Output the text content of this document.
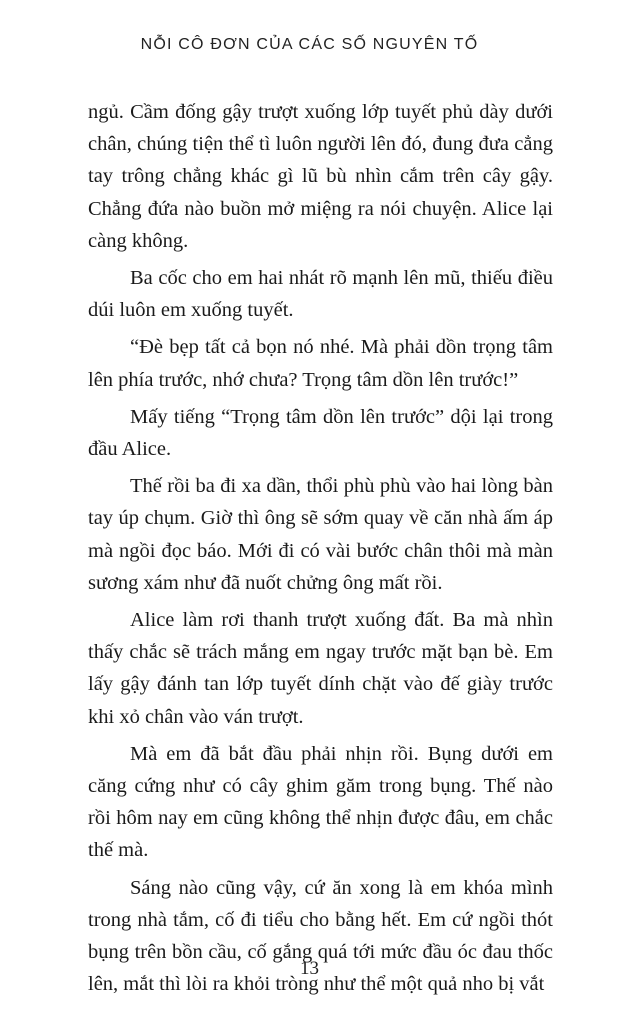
NỖI CÔ ĐƠN CỦA CÁC SỐ NGUYÊN TỐ

ngủ. Cầm đống gậy trượt xuống lớp tuyết phủ dày dưới chân, chúng tiện thể tì luôn người lên đó, đung đưa cẳng tay trông chẳng khác gì lũ bù nhìn cắm trên cây gậy. Chẳng đứa nào buồn mở miệng ra nói chuyện. Alice lại càng không.

Ba cốc cho em hai nhát rõ mạnh lên mũ, thiếu điều dúi luôn em xuống tuyết.

“Đè bẹp tất cả bọn nó nhé. Mà phải dồn trọng tâm lên phía trước, nhớ chưa? Trọng tâm dồn lên trước!”

Mấy tiếng “Trọng tâm dồn lên trước” dội lại trong đầu Alice.

Thế rồi ba đi xa dần, thổi phù phù vào hai lòng bàn tay úp chụm. Giờ thì ông sẽ sớm quay về căn nhà ấm áp mà ngồi đọc báo. Mới đi có vài bước chân thôi mà màn sương xám như đã nuốt chửng ông mất rồi.

Alice làm rơi thanh trượt xuống đất. Ba mà nhìn thấy chắc sẽ trách mắng em ngay trước mặt bạn bè. Em lấy gậy đánh tan lớp tuyết dính chặt vào đế giày trước khi xỏ chân vào ván trượt.

Mà em đã bắt đầu phải nhịn rồi. Bụng dưới em căng cứng như có cây ghim găm trong bụng. Thế nào rồi hôm nay em cũng không thể nhịn được đâu, em chắc thế mà.

Sáng nào cũng vậy, cứ ăn xong là em khóa mình trong nhà tắm, cố đi tiểu cho bằng hết. Em cứ ngồi thót bụng trên bồn cầu, cố gắng quá tới mức đầu óc đau thốc lên, mắt thì lòi ra khỏi tròng như thể một quả nho bị vắt

13
